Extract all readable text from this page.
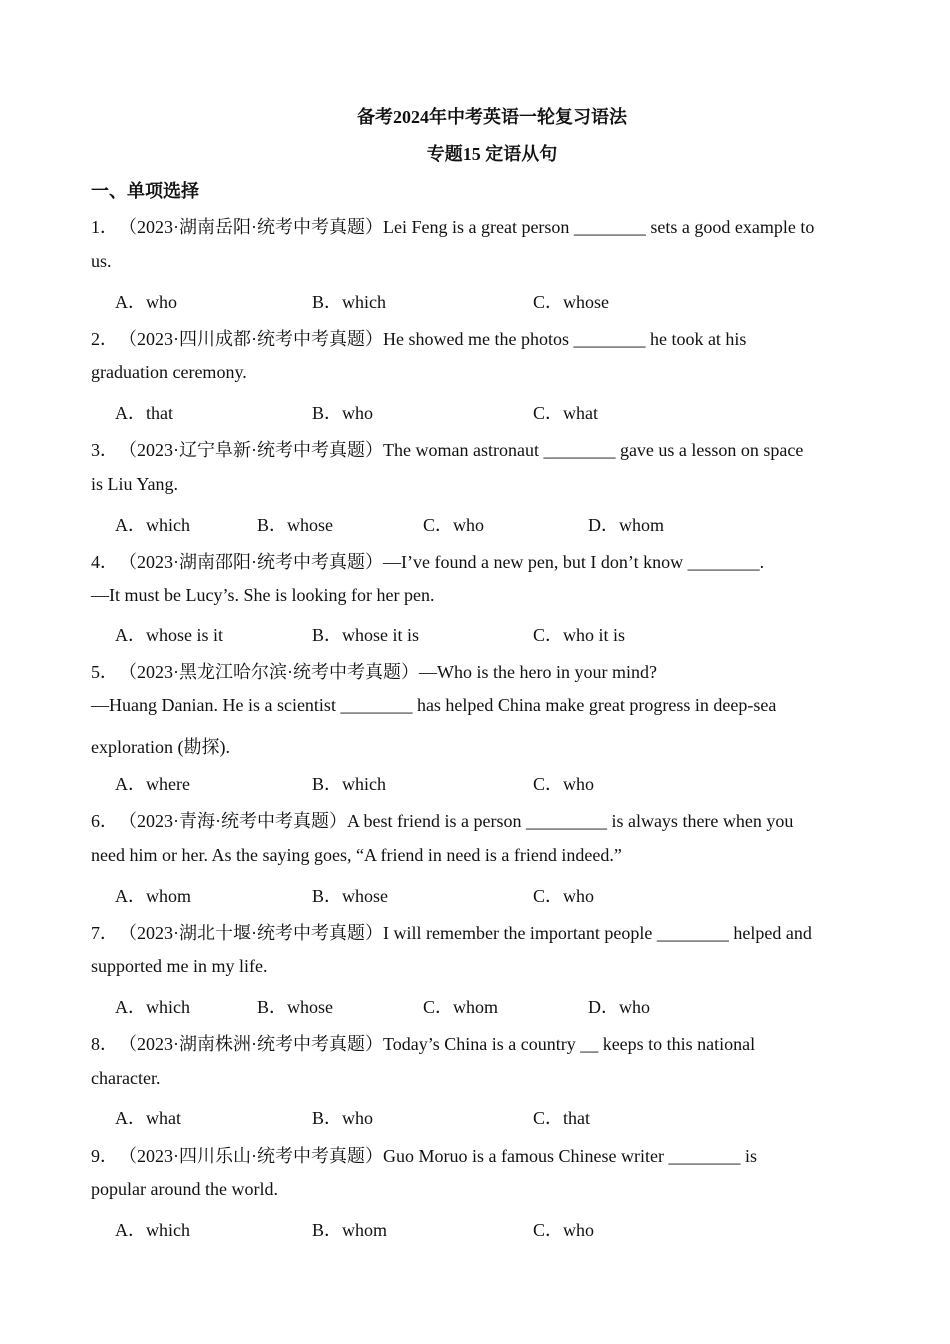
备考2024年中考英语一轮复习语法
专题15 定语从句
一、单项选择
1．（2023·湖南岳阳·统考中考真题）Lei Feng is a great person ________ sets a good example to
us.
A．who	B．which	C．whose
2．（2023·四川成都·统考中考真题）He showed me the photos ________ he took at his
graduation ceremony.
A．that	B．who	C．what
3．（2023·辽宁阜新·统考中考真题）The woman astronaut ________ gave us a lesson on space
is Liu Yang.
A．which	B．whose	C．who	D．whom
4．（2023·湖南邵阳·统考中考真题）—I’ve found a new pen, but I don’t know ________.
—It must be Lucy’s. She is looking for her pen.
A．whose is it	B．whose it is	C．who it is
5．（2023·黑龙江哈尔滨·统考中考真题）—Who is the hero in your mind?
—Huang Danian. He is a scientist ________ has helped China make great progress in deep-sea
exploration (勘探).
A．where	B．which	C．who
6．（2023·青海·统考中考真题）A best friend is a person _________ is always there when you
need him or her. As the saying goes, “A friend in need is a friend indeed.”
A．whom	B．whose	C．who
7．（2023·湖北十堰·统考中考真题）I will remember the important people ________ helped and
supported me in my life.
A．which	B．whose	C．whom	D．who
8．（2023·湖南株洲·统考中考真题）Today’s China is a country __ keeps to this national
character.
A．what	B．who	C．that
9．（2023·四川乐山·统考中考真题）Guo Moruo is a famous Chinese writer ________ is
popular around the world.
A．which	B．whom	C．who
